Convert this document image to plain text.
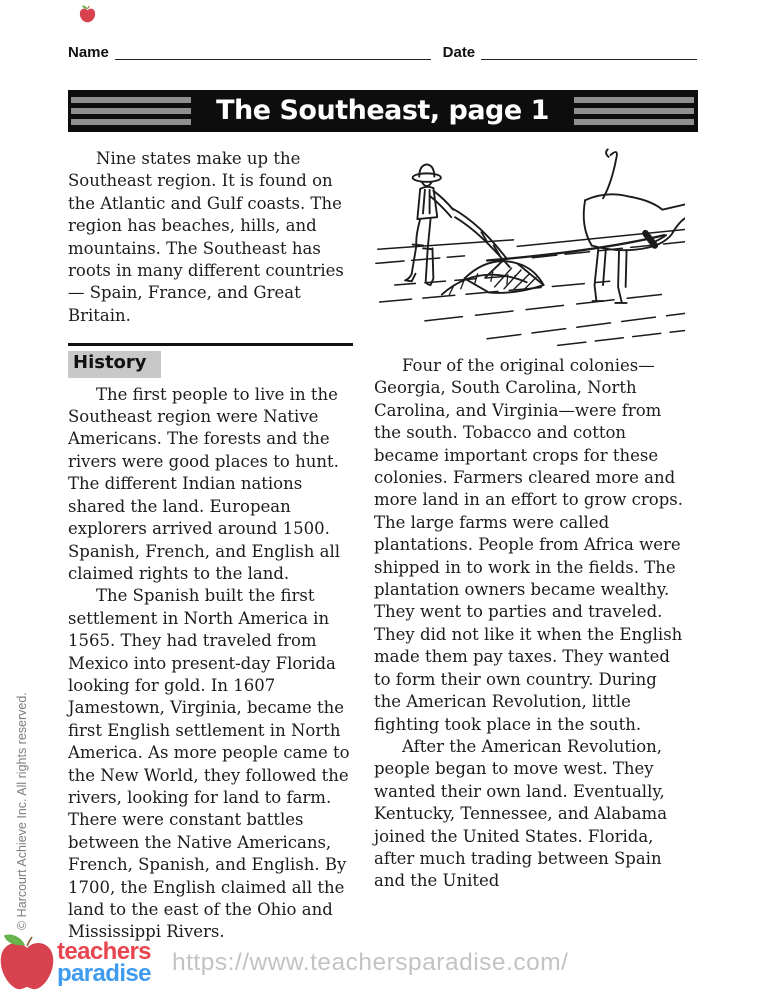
Name	Date
The Southeast, page 1

Nine states make up the Southeast region. It is found on the Atlantic and Gulf coasts. The region has beaches, hills, and mountains. The Southeast has roots in many different countries— Spain, France, and Great Britain.

History

The first people to live in the Southeast region were Native Americans. The forests and the rivers were good places to hunt. The different Indian nations shared the land. European explorers arrived around 1500. Spanish, French, and English all claimed rights to the land.

The Spanish built the first settlement in North America in 1565. They had traveled from Mexico into present-day Florida looking for gold. In 1607 Jamestown, Virginia, became the first English settlement in North America. As more people came to the New World, they followed the rivers, looking for land to farm. There were constant battles between the Native Americans, French, Spanish, and English. By 1700, the English claimed all the land to the east of the Ohio and Mississippi Rivers.

Four of the original colonies— Georgia, South Carolina, North Carolina, and Virginia—were from the south. Tobacco and cotton became important crops for these colonies. Farmers cleared more and more land in an effort to grow crops. The large farms were called plantations. People from Africa were shipped in to work in the fields. The plantation owners became wealthy. They went to parties and traveled. They did not like it when the English made them pay taxes. They wanted to form their own country. During the American Revolution, little fighting took place in the south.

After the American Revolution, people began to move west. They wanted their own land. Eventually, Kentucky, Tennessee, and Alabama joined the United States. Florida, after much trading between Spain and the United

© Harcourt Achieve Inc. All rights reserved.
teachers
paradise https://www.teachersparadise.com/
